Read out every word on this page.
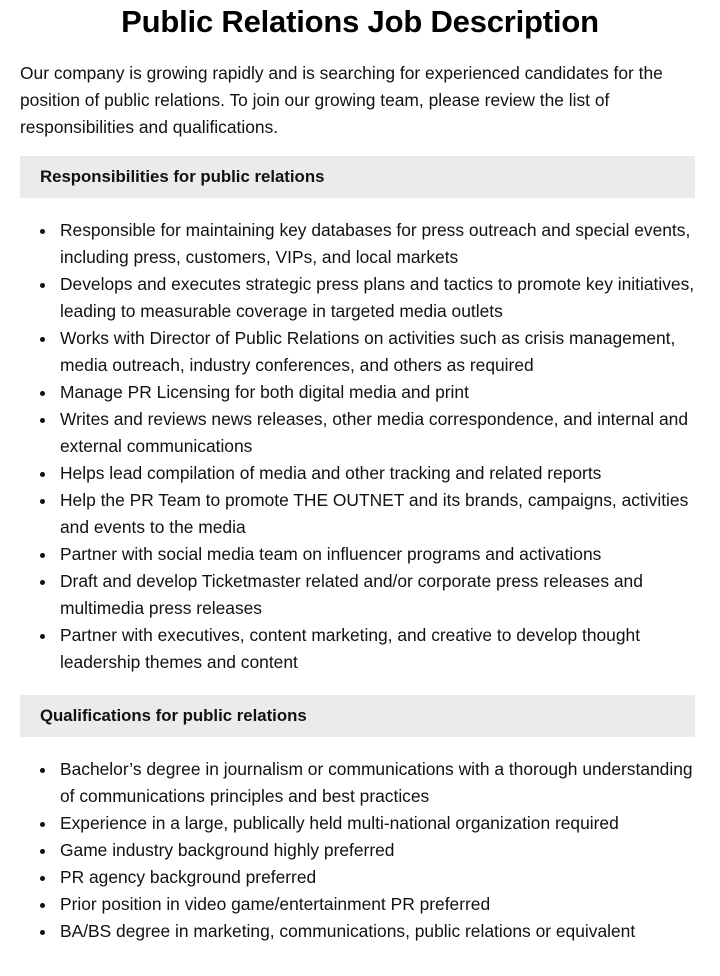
Public Relations Job Description

Our company is growing rapidly and is searching for experienced candidates for the position of public relations. To join our growing team, please review the list of responsibilities and qualifications.

Responsibilities for public relations
Responsible for maintaining key databases for press outreach and special events, including press, customers, VIPs, and local markets
Develops and executes strategic press plans and tactics to promote key initiatives, leading to measurable coverage in targeted media outlets
Works with Director of Public Relations on activities such as crisis management, media outreach, industry conferences, and others as required
Manage PR Licensing for both digital media and print
Writes and reviews news releases, other media correspondence, and internal and external communications
Helps lead compilation of media and other tracking and related reports
Help the PR Team to promote THE OUTNET and its brands, campaigns, activities and events to the media
Partner with social media team on influencer programs and activations
Draft and develop Ticketmaster related and/or corporate press releases and multimedia press releases
Partner with executives, content marketing, and creative to develop thought leadership themes and content
Qualifications for public relations
Bachelor’s degree in journalism or communications with a thorough understanding of communications principles and best practices
Experience in a large, publically held multi-national organization required
Game industry background highly preferred
PR agency background preferred
Prior position in video game/entertainment PR preferred
BA/BS degree in marketing, communications, public relations or equivalent
